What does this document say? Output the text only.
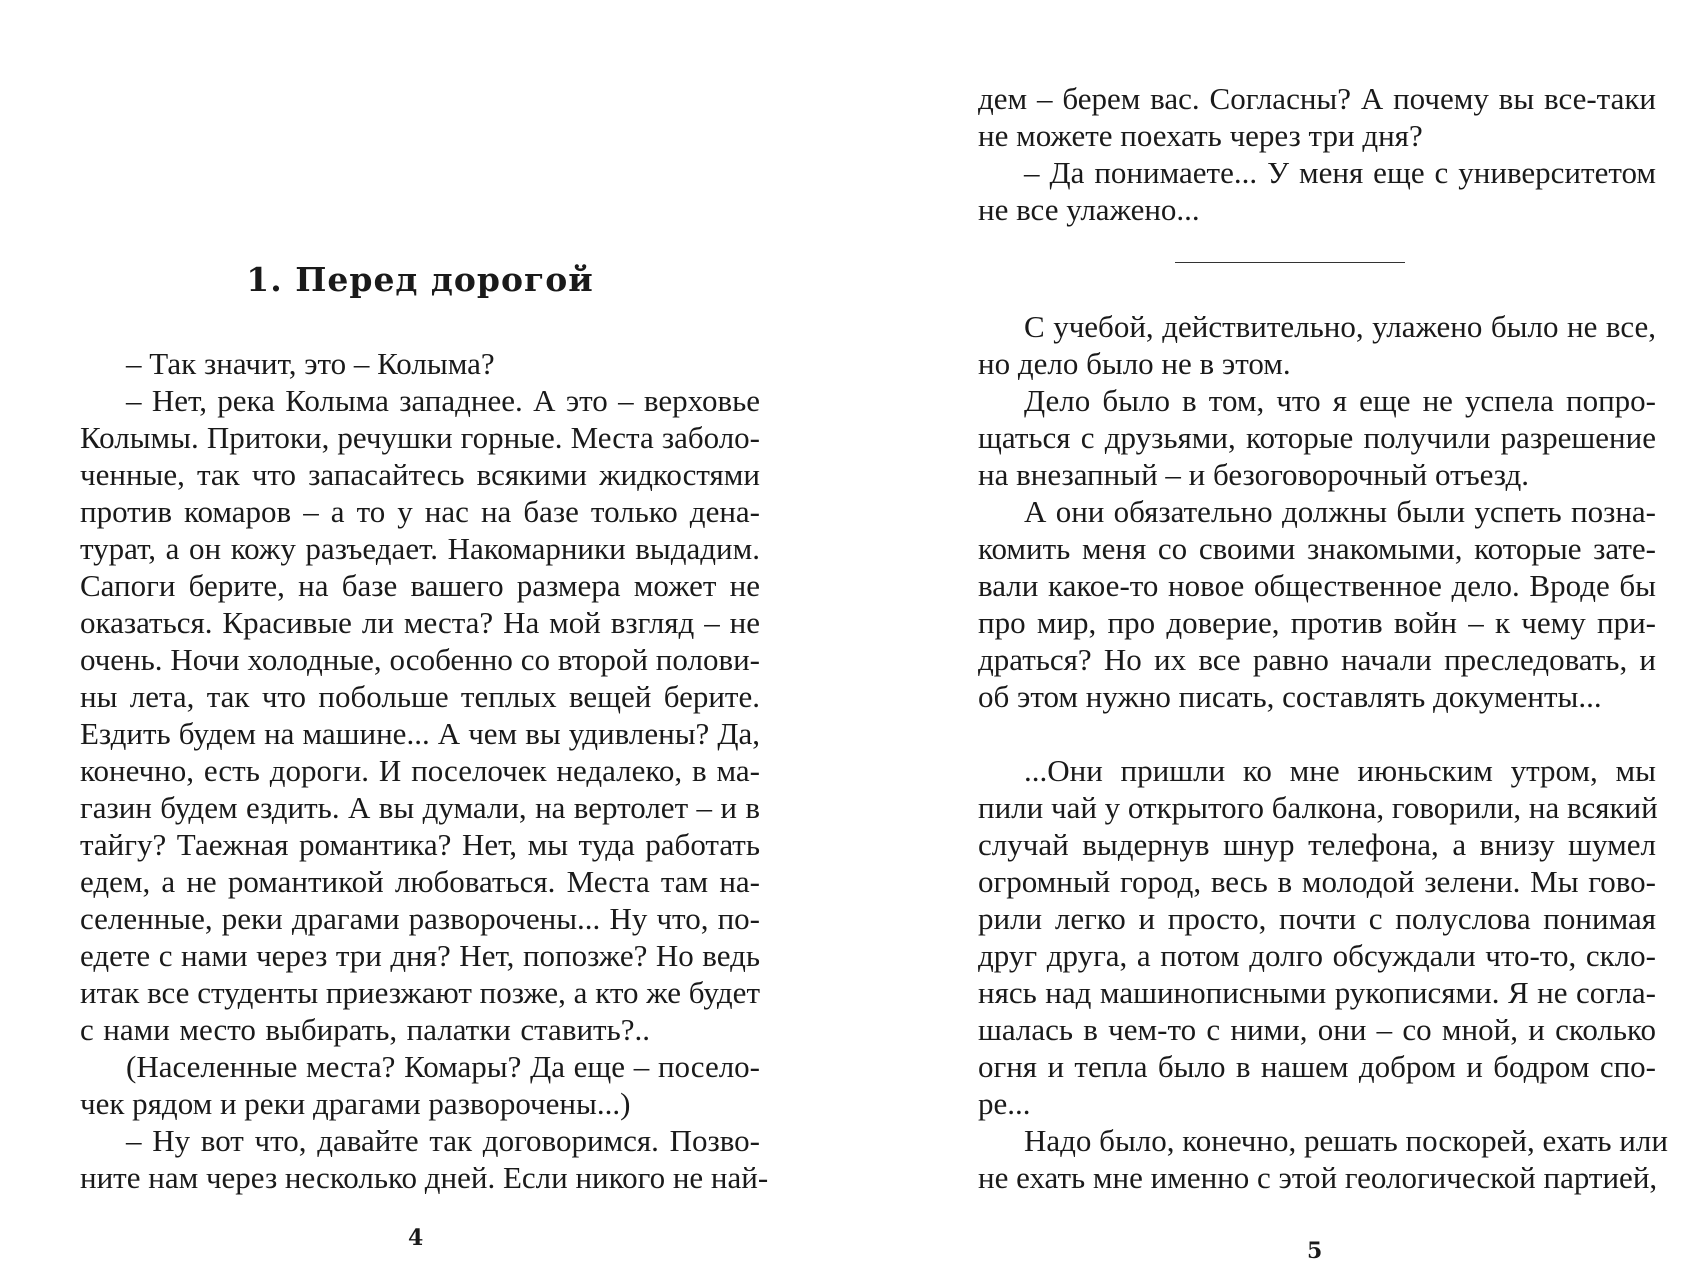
1. Перед дорогой
– Так значит, это – Колыма?
– Нет, река Колыма западнее. А это – верховье
Колымы. Притоки, речушки горные. Места заболо-
ченные, так что запасайтесь всякими жидкостями
против комаров – а то у нас на базе только дена-
турат, а он кожу разъедает. Накомарники выдадим.
Сапоги берите, на базе вашего размера может не
оказаться. Красивые ли места? На мой взгляд – не
очень. Ночи холодные, особенно со второй полови-
ны лета, так что побольше теплых вещей берите.
Ездить будем на машине... А чем вы удивлены? Да,
конечно, есть дороги. И поселочек недалеко, в ма-
газин будем ездить. А вы думали, на вертолет – и в
тайгу? Таежная романтика? Нет, мы туда работать
едем, а не романтикой любоваться. Места там на-
селенные, реки драгами разворочены... Ну что, по-
едете с нами через три дня? Нет, попозже? Но ведь
итак все студенты приезжают позже, а кто же будет
с нами место выбирать, палатки ставить?..
(Населенные места? Комары? Да еще – посело-
чек рядом и реки драгами разворочены...)
– Ну вот что, давайте так договоримся. Позво-
ните нам через несколько дней. Если никого не най-
4
дем – берем вас. Согласны? А почему вы все-таки
не можете поехать через три дня?
– Да понимаете... У меня еще с университетом
не все улажено...
С учебой, действительно, улажено было не все,
но дело было не в этом.
Дело было в том, что я еще не успела попро-
щаться с друзьями, которые получили разрешение
на внезапный – и безоговорочный отъезд.
А они обязательно должны были успеть позна-
комить меня со своими знакомыми, которые зате-
вали какое-то новое общественное дело. Вроде бы
про мир, про доверие, против войн – к чему при-
драться? Но их все равно начали преследовать, и
об этом нужно писать, составлять документы...
...Они пришли ко мне июньским утром, мы
пили чай у открытого балкона, говорили, на всякий
случай выдернув шнур телефона, а внизу шумел
огромный город, весь в молодой зелени. Мы гово-
рили легко и просто, почти с полуслова понимая
друг друга, а потом долго обсуждали что-то, скло-
нясь над машинописными рукописями. Я не согла-
шалась в чем-то с ними, они – со мной, и сколько
огня и тепла было в нашем добром и бодром спо-
ре...
Надо было, конечно, решать поскорей, ехать или
не ехать мне именно с этой геологической партией,
5
